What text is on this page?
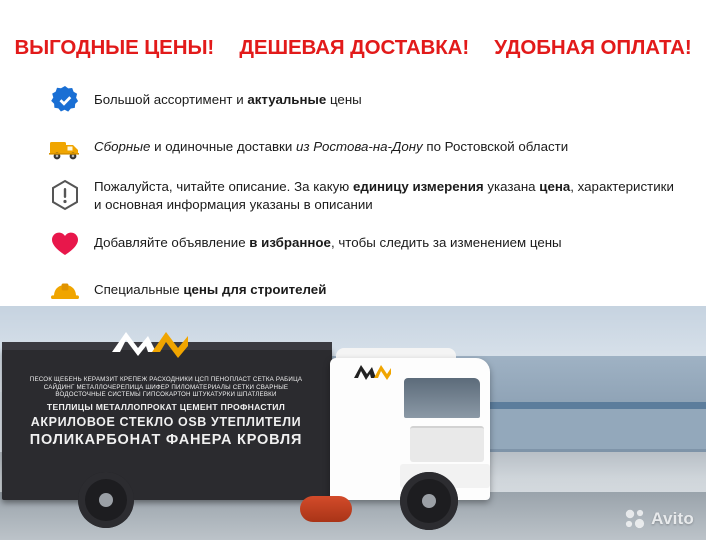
ВЫГОДНЫЕ ЦЕНЫ! ДЕШЕВАЯ ДОСТАВКА! УДОБНАЯ ОПЛАТА!
Большой ассортимент и актуальные цены
Сборные и одиночные доставки из Ростова-на-Дону по Ростовской области
Пожалуйста, читайте описание. За какую единицу измерения указана цена, характеристики и основная информация указаны в описании
Добавляйте объявление в избранное, чтобы следить за изменением цены
Специальные цены для строителей
ПЕСОК ЩЕБЕНЬ КЕРАМЗИТ КРЕПЕЖ РАСХОДНИКИ ЦСП ПЕНОПЛАСТ СЕТКА РАБИЦА
САЙДИНГ МЕТАЛЛОЧЕРЕПИЦА ШИФЕР ПИЛОМАТЕРИАЛЫ СЕТКИ СВАРНЫЕ
ВОДОСТОЧНЫЕ СИСТЕМЫ ГИПСОКАРТОН ШТУКАТУРКИ ШПАТЛЕВКИ
ТЕПЛИЦЫ МЕТАЛЛОПРОКАТ ЦЕМЕНТ ПРОФНАСТИЛ
АКРИЛОВОЕ СТЕКЛО OSB УТЕПЛИТЕЛИ
ПОЛИКАРБОНАТ ФАНЕРА КРОВЛЯ
Avito
